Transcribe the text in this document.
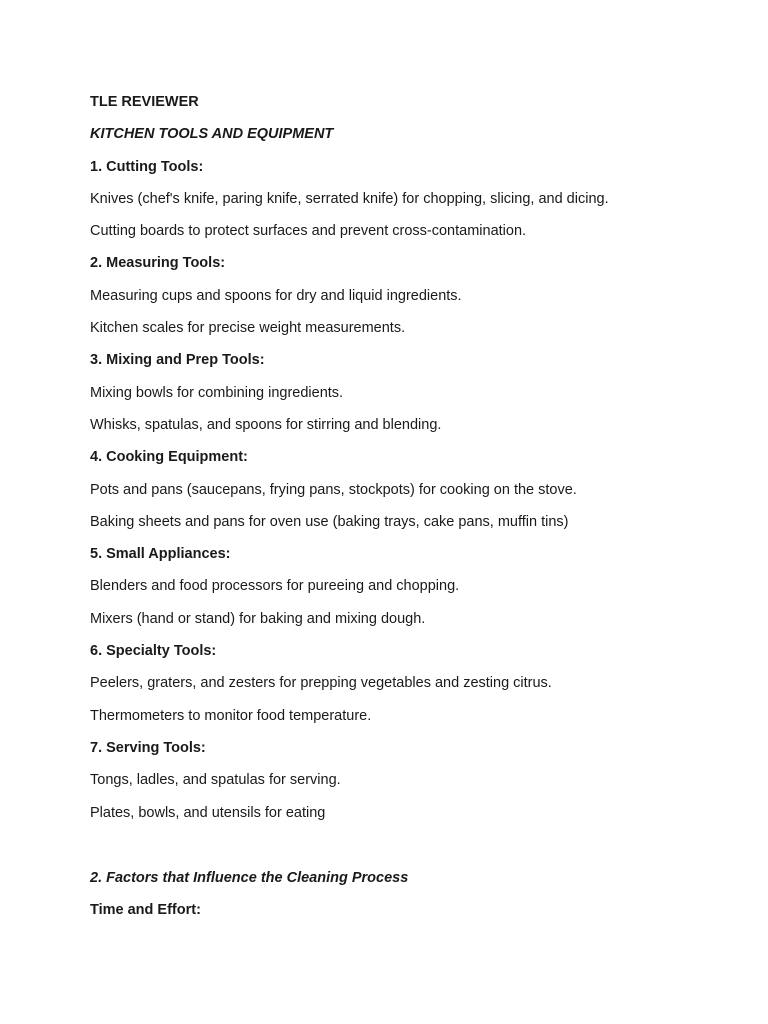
TLE REVIEWER
KITCHEN TOOLS AND EQUIPMENT
1. Cutting Tools:
Knives (chef's knife, paring knife, serrated knife) for chopping, slicing, and dicing.
Cutting boards to protect surfaces and prevent cross-contamination.
2. Measuring Tools:
Measuring cups and spoons for dry and liquid ingredients.
Kitchen scales for precise weight measurements.
3. Mixing and Prep Tools:
Mixing bowls for combining ingredients.
Whisks, spatulas, and spoons for stirring and blending.
4. Cooking Equipment:
Pots and pans (saucepans, frying pans, stockpots) for cooking on the stove.
Baking sheets and pans for oven use (baking trays, cake pans, muffin tins)
5. Small Appliances:
Blenders and food processors for pureeing and chopping.
Mixers (hand or stand) for baking and mixing dough.
6. Specialty Tools:
Peelers, graters, and zesters for prepping vegetables and zesting citrus.
Thermometers to monitor food temperature.
7. Serving Tools:
Tongs, ladles, and spatulas for serving.
Plates, bowls, and utensils for eating
2. Factors that Influence the Cleaning Process
Time and Effort:
